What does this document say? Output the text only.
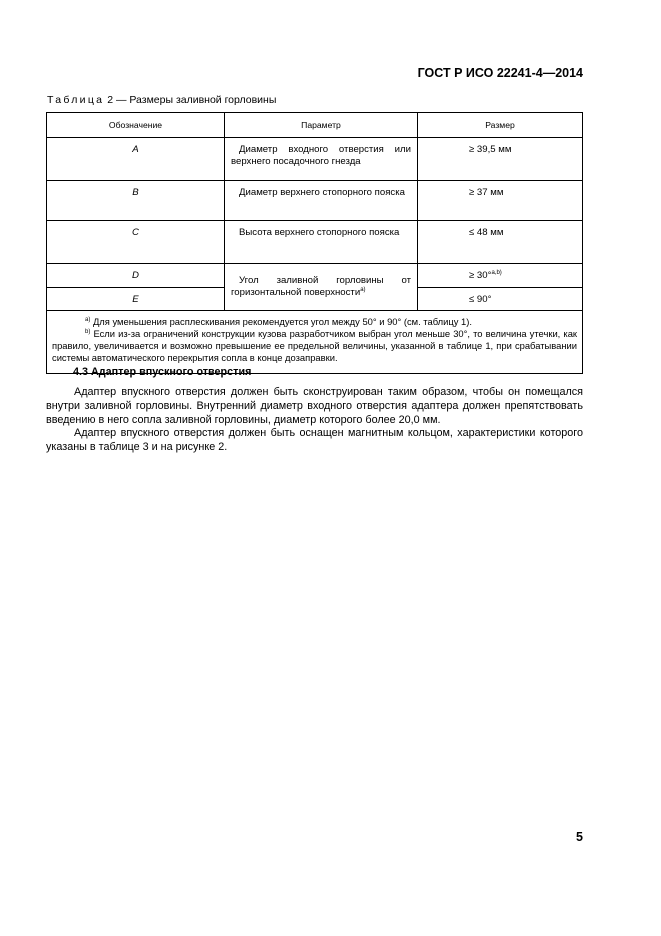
ГОСТ Р ИСО 22241-4—2014
Таблица 2 — Размеры заливной горловины
Обозначение	Параметр	Размер
A	Диаметр входного отверстия или верхнего посадочного гнезда	≥ 39,5 мм
B	Диаметр верхнего стопорного пояска	≥ 37 мм
C	Высота верхнего стопорного пояска	≤ 48 мм
D	Угол заливной горловины от горизонтальной поверхности$^{a)}$	≥ 30°$^{a,b)}$
E		≤ 90°

$^{a)}$ Для уменьшения расплескивания рекомендуется угол между 50° и 90° (см. таблицу 1).
$^{b)}$ Если из-за ограничений конструкции кузова разработчиком выбран угол меньше 30°, то величина утечки, как правило, увеличивается и возможно превышение ее предельной величины, указанной в таблице 1, при срабатывании системы автоматического перекрытия сопла в конце дозаправки.		
4.3 Адаптер впускного отверстия
Адаптер впускного отверстия должен быть сконструирован таким образом, чтобы он помещался внутри заливной горловины. Внутренний диаметр входного отверстия адаптера должен препятствовать введению в него сопла заливной горловины, диаметр которого более 20,0 мм.
Адаптер впускного отверстия должен быть оснащен магнитным кольцом, характеристики которого указаны в таблице 3 и на рисунке 2.
5
